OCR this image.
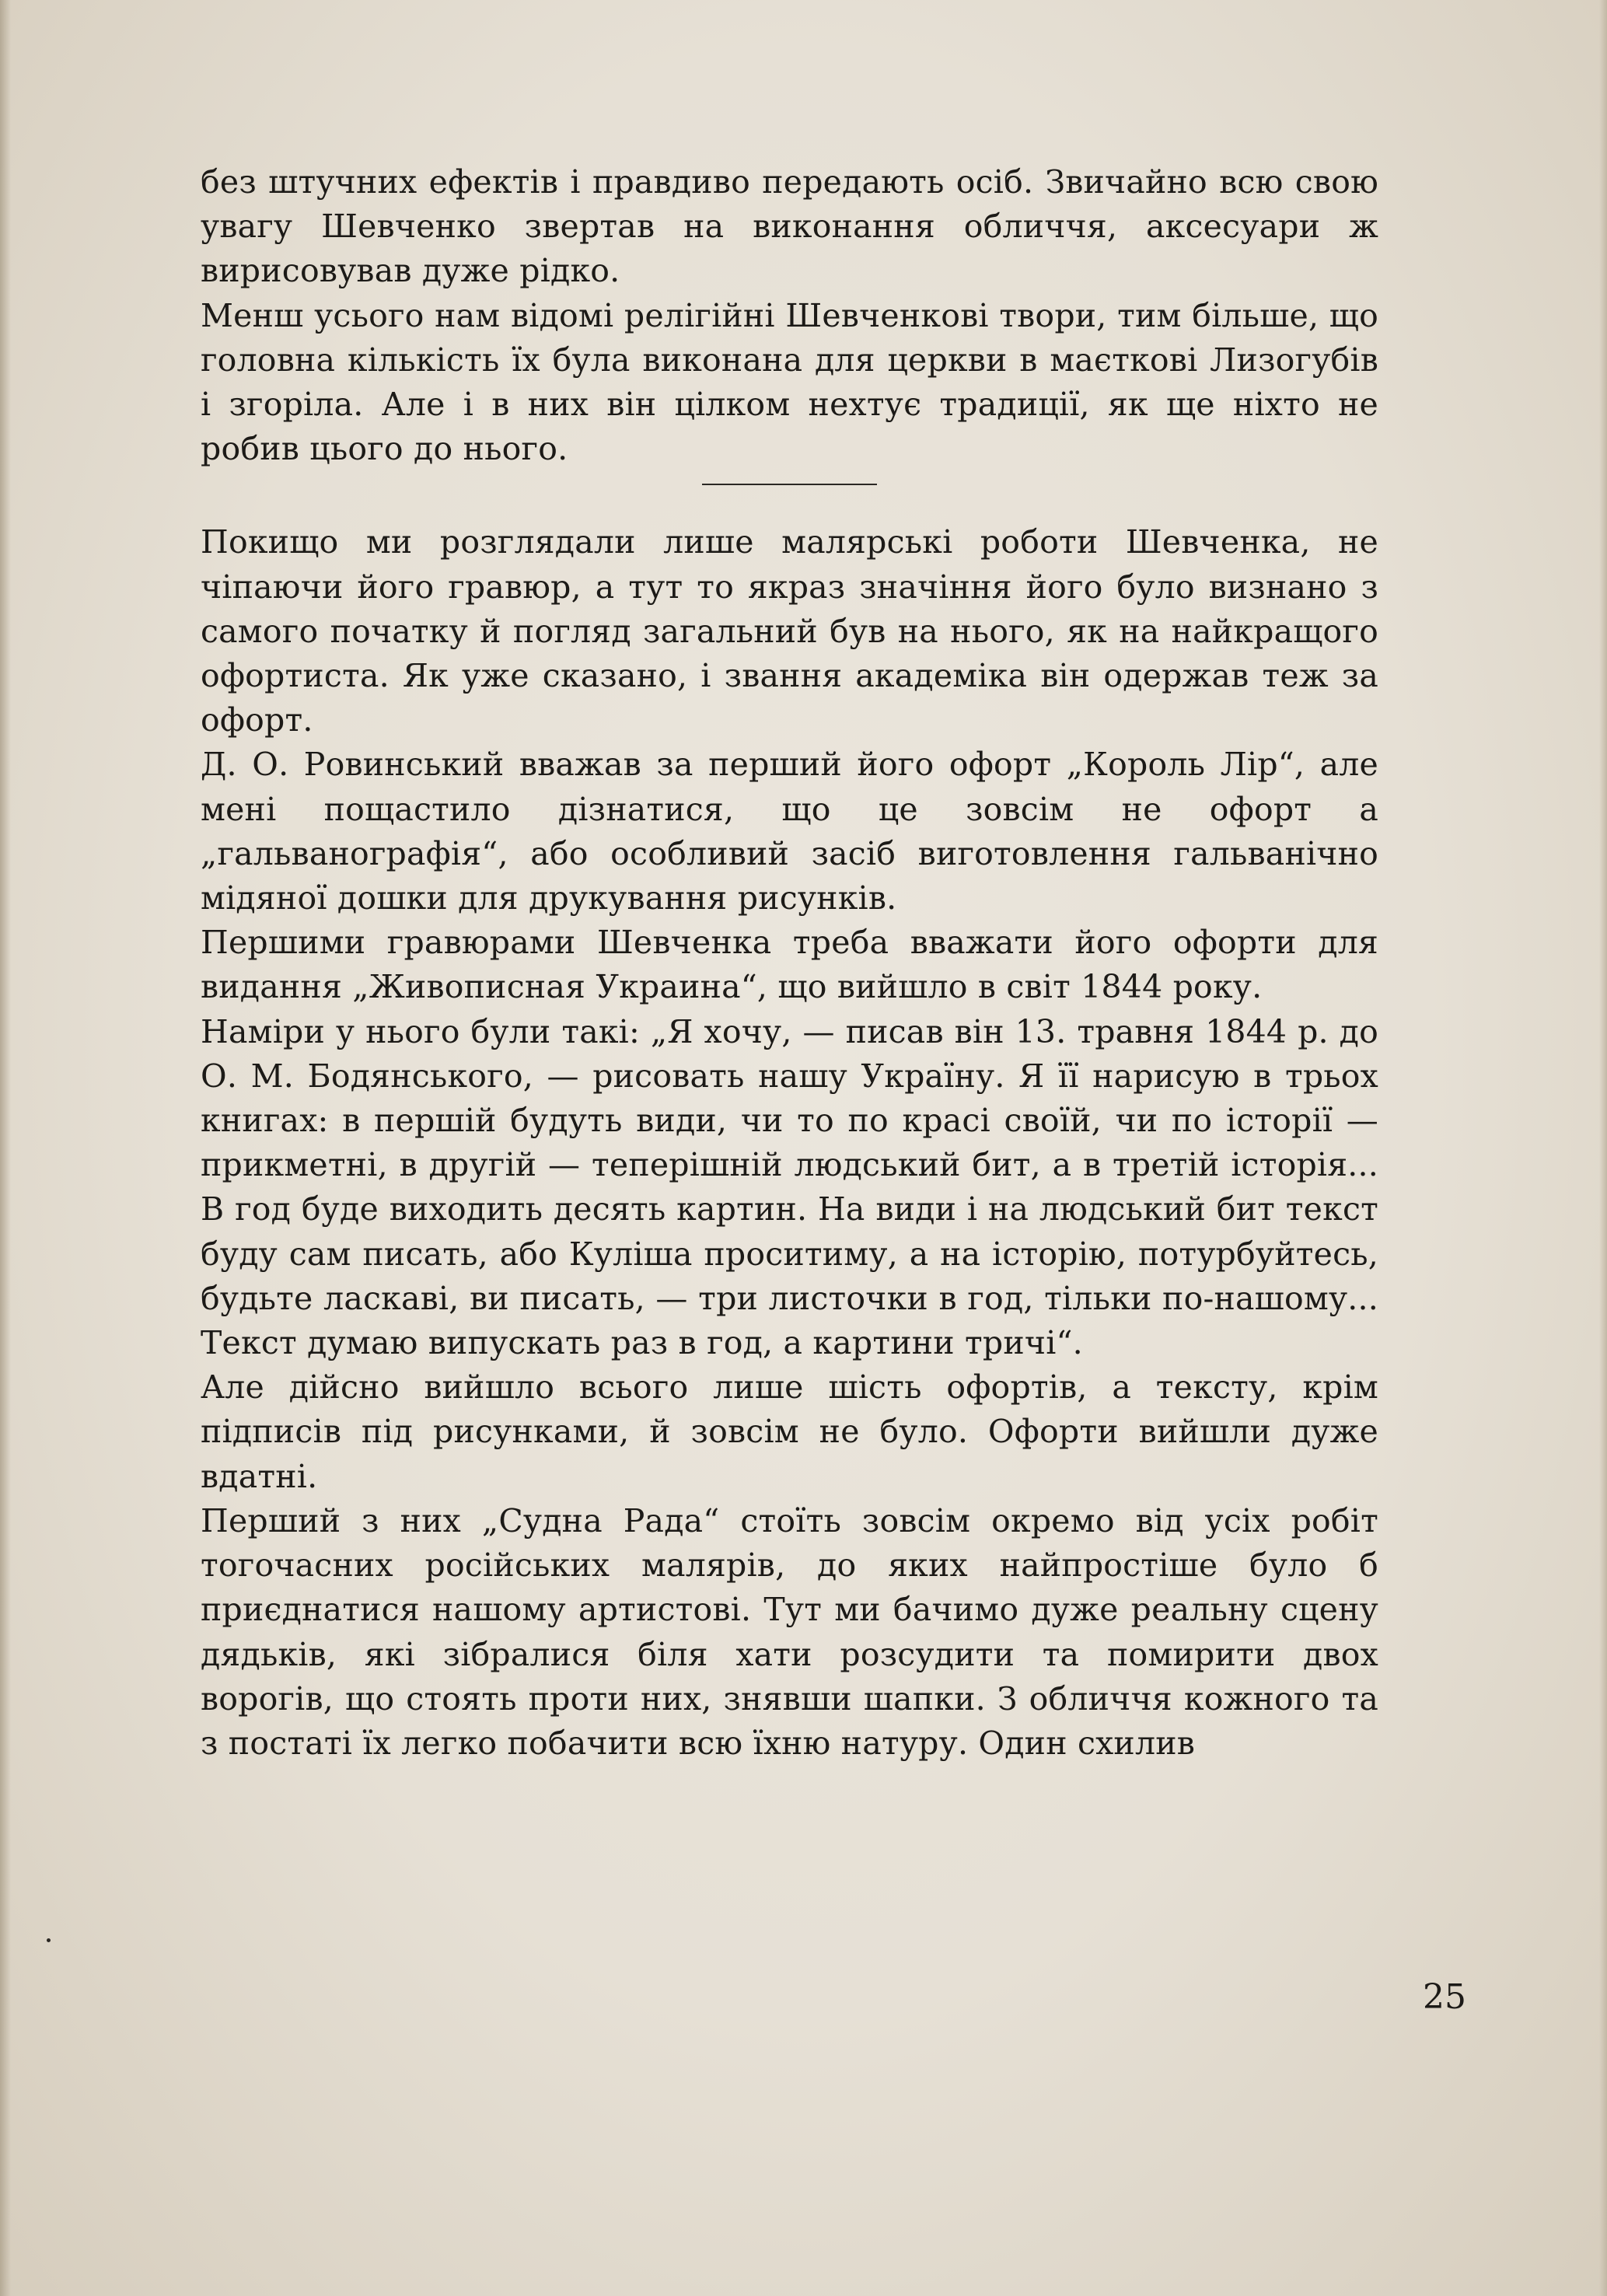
без штучних ефектів і правдиво передають осіб. Звичайно всю свою увагу Шевченко звертав на виконання обличчя, аксесуари ж вирисовував дуже рідко.

Менш усього нам відомі релігійні Шевченкові твори, тим більше, що головна кількість їх була виконана для церкви в маєткові Лизогубів і згоріла. Але і в них він цілком нехтує традиції, як ще ніхто не робив цього до нього.

Покищо ми розглядали лише малярські роботи Шевченка, не чіпаючи його гравюр, а тут то якраз значіння його було визнано з самого початку й погляд загальний був на нього, як на найкращого офортиста. Як уже сказано, і звання академіка він одержав теж за офорт.

Д. О. Ровинський вважав за перший його офорт „Король Лір“, але мені пощастило дізнатися, що це зовсім не офорт а „гальванографія“, або особливий засіб виготовлення гальванічно мідяної дошки для друкування рисунків.

Першими гравюрами Шевченка треба вважати його офорти для видання „Живописная Украина“, що вийшло в світ 1844 року.

Наміри у нього були такі: „Я хочу, — писав він 13. травня 1844 р. до О. М. Бодянського, — рисовать нашу Україну. Я її нарисую в трьох книгах: в першій будуть види, чи то по красі своїй, чи по історії — прикметні, в другій — теперішній людський бит, а в третій історія... В год буде виходить десять картин. На види і на людський бит текст буду сам писать, або Куліша проситиму, а на історію, потурбуйтесь, будьте ласкаві, ви писать, — три листочки в год, тільки по-нашому... Текст думаю випускать раз в год, а картини тричі“.

Але дійсно вийшло всього лише шість офортів, а тексту, крім підписів під рисунками, й зовсім не було. Офорти вийшли дуже вдатні.

Перший з них „Судна Рада“ стоїть зовсім окремо від усіх робіт тогочасних російських малярів, до яких найпростіше було б приєднатися нашому артистові. Тут ми бачимо дуже реальну сцену дядьків, які зібралися біля хати розсудити та помирити двох ворогів, що стоять проти них, знявши шапки. З обличчя кожного та з постаті їх легко побачити всю їхню натуру. Один схилив

25
